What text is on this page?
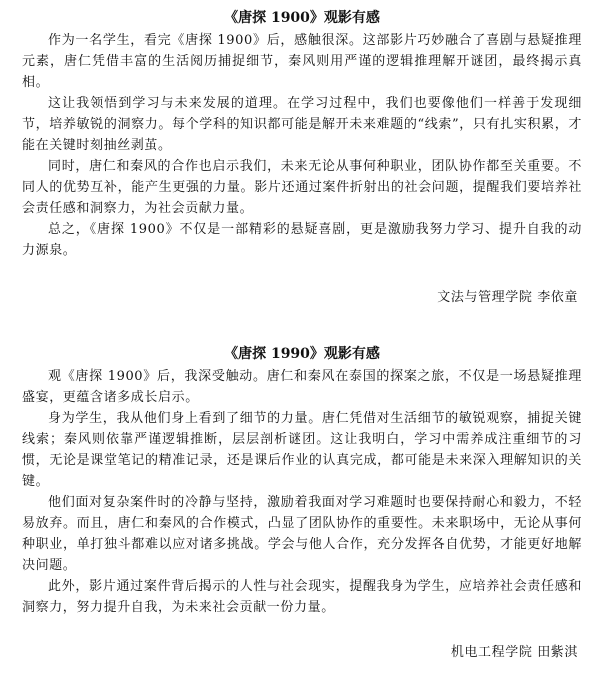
《唐探 1900》观影有感

作为一名学生，看完《唐探 1900》后，感触很深。这部影片巧妙融合了喜剧与悬疑推理元素，唐仁凭借丰富的生活阅历捕捉细节，秦风则用严谨的逻辑推理解开谜团，最终揭示真相。

这让我领悟到学习与未来发展的道理。在学习过程中，我们也要像他们一样善于发现细节，培养敏锐的洞察力。每个学科的知识都可能是解开未来难题的“线索”，只有扎实积累，才能在关键时刻抽丝剥茧。

同时，唐仁和秦风的合作也启示我们，未来无论从事何种职业，团队协作都至关重要。不同人的优势互补，能产生更强的力量。影片还通过案件折射出的社会问题，提醒我们要培养社会责任感和洞察力，为社会贡献力量。

总之，《唐探 1900》不仅是一部精彩的悬疑喜剧，更是激励我努力学习、提升自我的动力源泉。

文法与管理学院 李依童

《唐探 1990》观影有感

观《唐探 1900》后，我深受触动。唐仁和秦风在泰国的探案之旅，不仅是一场悬疑推理盛宴，更蕴含诸多成长启示。

身为学生，我从他们身上看到了细节的力量。唐仁凭借对生活细节的敏锐观察，捕捉关键线索；秦风则依靠严谨逻辑推断，层层剖析谜团。这让我明白，学习中需养成注重细节的习惯，无论是课堂笔记的精准记录，还是课后作业的认真完成，都可能是未来深入理解知识的关键。

他们面对复杂案件时的冷静与坚持，激励着我面对学习难题时也要保持耐心和毅力，不轻易放弃。而且，唐仁和秦风的合作模式，凸显了团队协作的重要性。未来职场中，无论从事何种职业，单打独斗都难以应对诸多挑战。学会与他人合作，充分发挥各自优势，才能更好地解决问题。

此外，影片通过案件背后揭示的人性与社会现实，提醒我身为学生，应培养社会责任感和洞察力，努力提升自我，为未来社会贡献一份力量。

机电工程学院 田紫淇
